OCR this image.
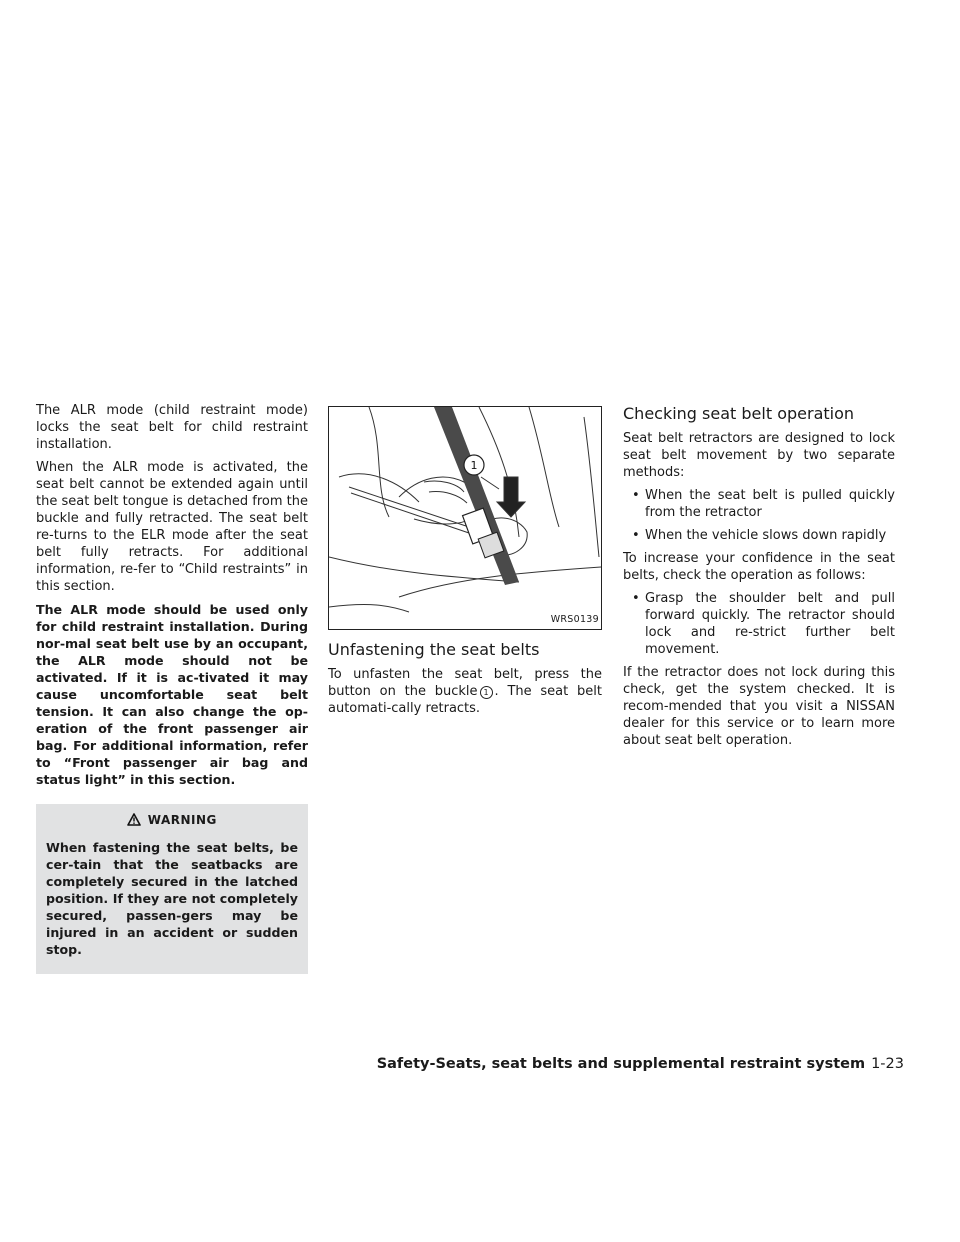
The ALR mode (child restraint mode) locks the seat belt for child restraint installation.

When the ALR mode is activated, the seat belt cannot be extended again until the seat belt tongue is detached from the buckle and fully retracted. The seat belt re-turns to the ELR mode after the seat belt fully retracts. For additional information, re-fer to “Child restraints” in this section.

The ALR mode should be used only for child restraint installation. During nor-mal seat belt use by an occupant, the ALR mode should not be activated. If it is ac-tivated it may cause uncomfortable seat belt tension. It can also change the op-eration of the front passenger air bag. For additional information, refer to “Front passenger air bag and status light” in this section.

WARNING

When fastening the seat belts, be cer-tain that the seatbacks are completely secured in the latched position. If they are not completely secured, passen-gers may be injured in an accident or sudden stop.

1
WRS0139
Unfastening the seat belts

To unfasten the seat belt, press the button on the buckle 1 . The seat belt automati-cally retracts.

Checking seat belt operation

Seat belt retractors are designed to lock seat belt movement by two separate methods:

• When the seat belt is pulled quickly from the retractor
• When the vehicle slows down rapidly

To increase your confidence in the seat belts, check the operation as follows:

• Grasp the shoulder belt and pull forward quickly. The retractor should lock and re-strict further belt movement.

If the retractor does not lock during this check, get the system checked. It is recom-mended that you visit a NISSAN dealer for this service or to learn more about seat belt operation.

Safety-Seats, seat belts and supplemental restraint system 1-23
